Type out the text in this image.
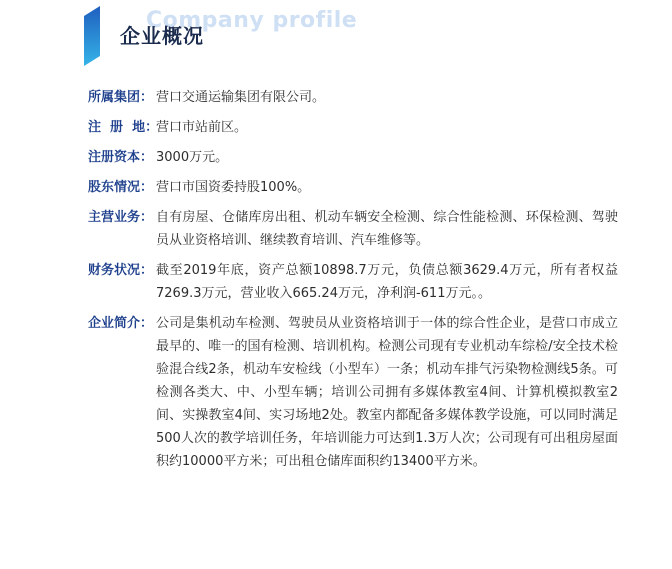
Company profile
企业概况
所属集团： 营口交通运输集团有限公司。
注  册  地：
营口市站前区。
注册资本： 3000万元。
股东情况： 营口市国资委持股100%。
主营业务： 自有房屋、仓储库房出租、机动车辆安全检测、综合性能检测、环保检测、驾驶员从业资格培训、继续教育培训、汽车维修等。
财务状况： 截至2019年底，资产总额10898.7万元，负债总额3629.4万元，所有者权益7269.3万元，营业收入665.24万元，净利润-611万元。。
企业简介： 公司是集机动车检测、驾驶员从业资格培训于一体的综合性企业，是营口市成立最早的、唯一的国有检测、培训机构。检测公司现有专业机动车综检/安全技术检验混合线2条，机动车安检线（小型车）一条；机动车排气污染物检测线5条。可检测各类大、中、小型车辆；培训公司拥有多媒体教室4间、计算机模拟教室2间、实操教室4间、实习场地2处。教室内都配备多媒体教学设施，可以同时满足500人次的教学培训任务，年培训能力可达到1.3万人次；公司现有可出租房屋面积约10000平方米；可出租仓储库面积约13400平方米。
